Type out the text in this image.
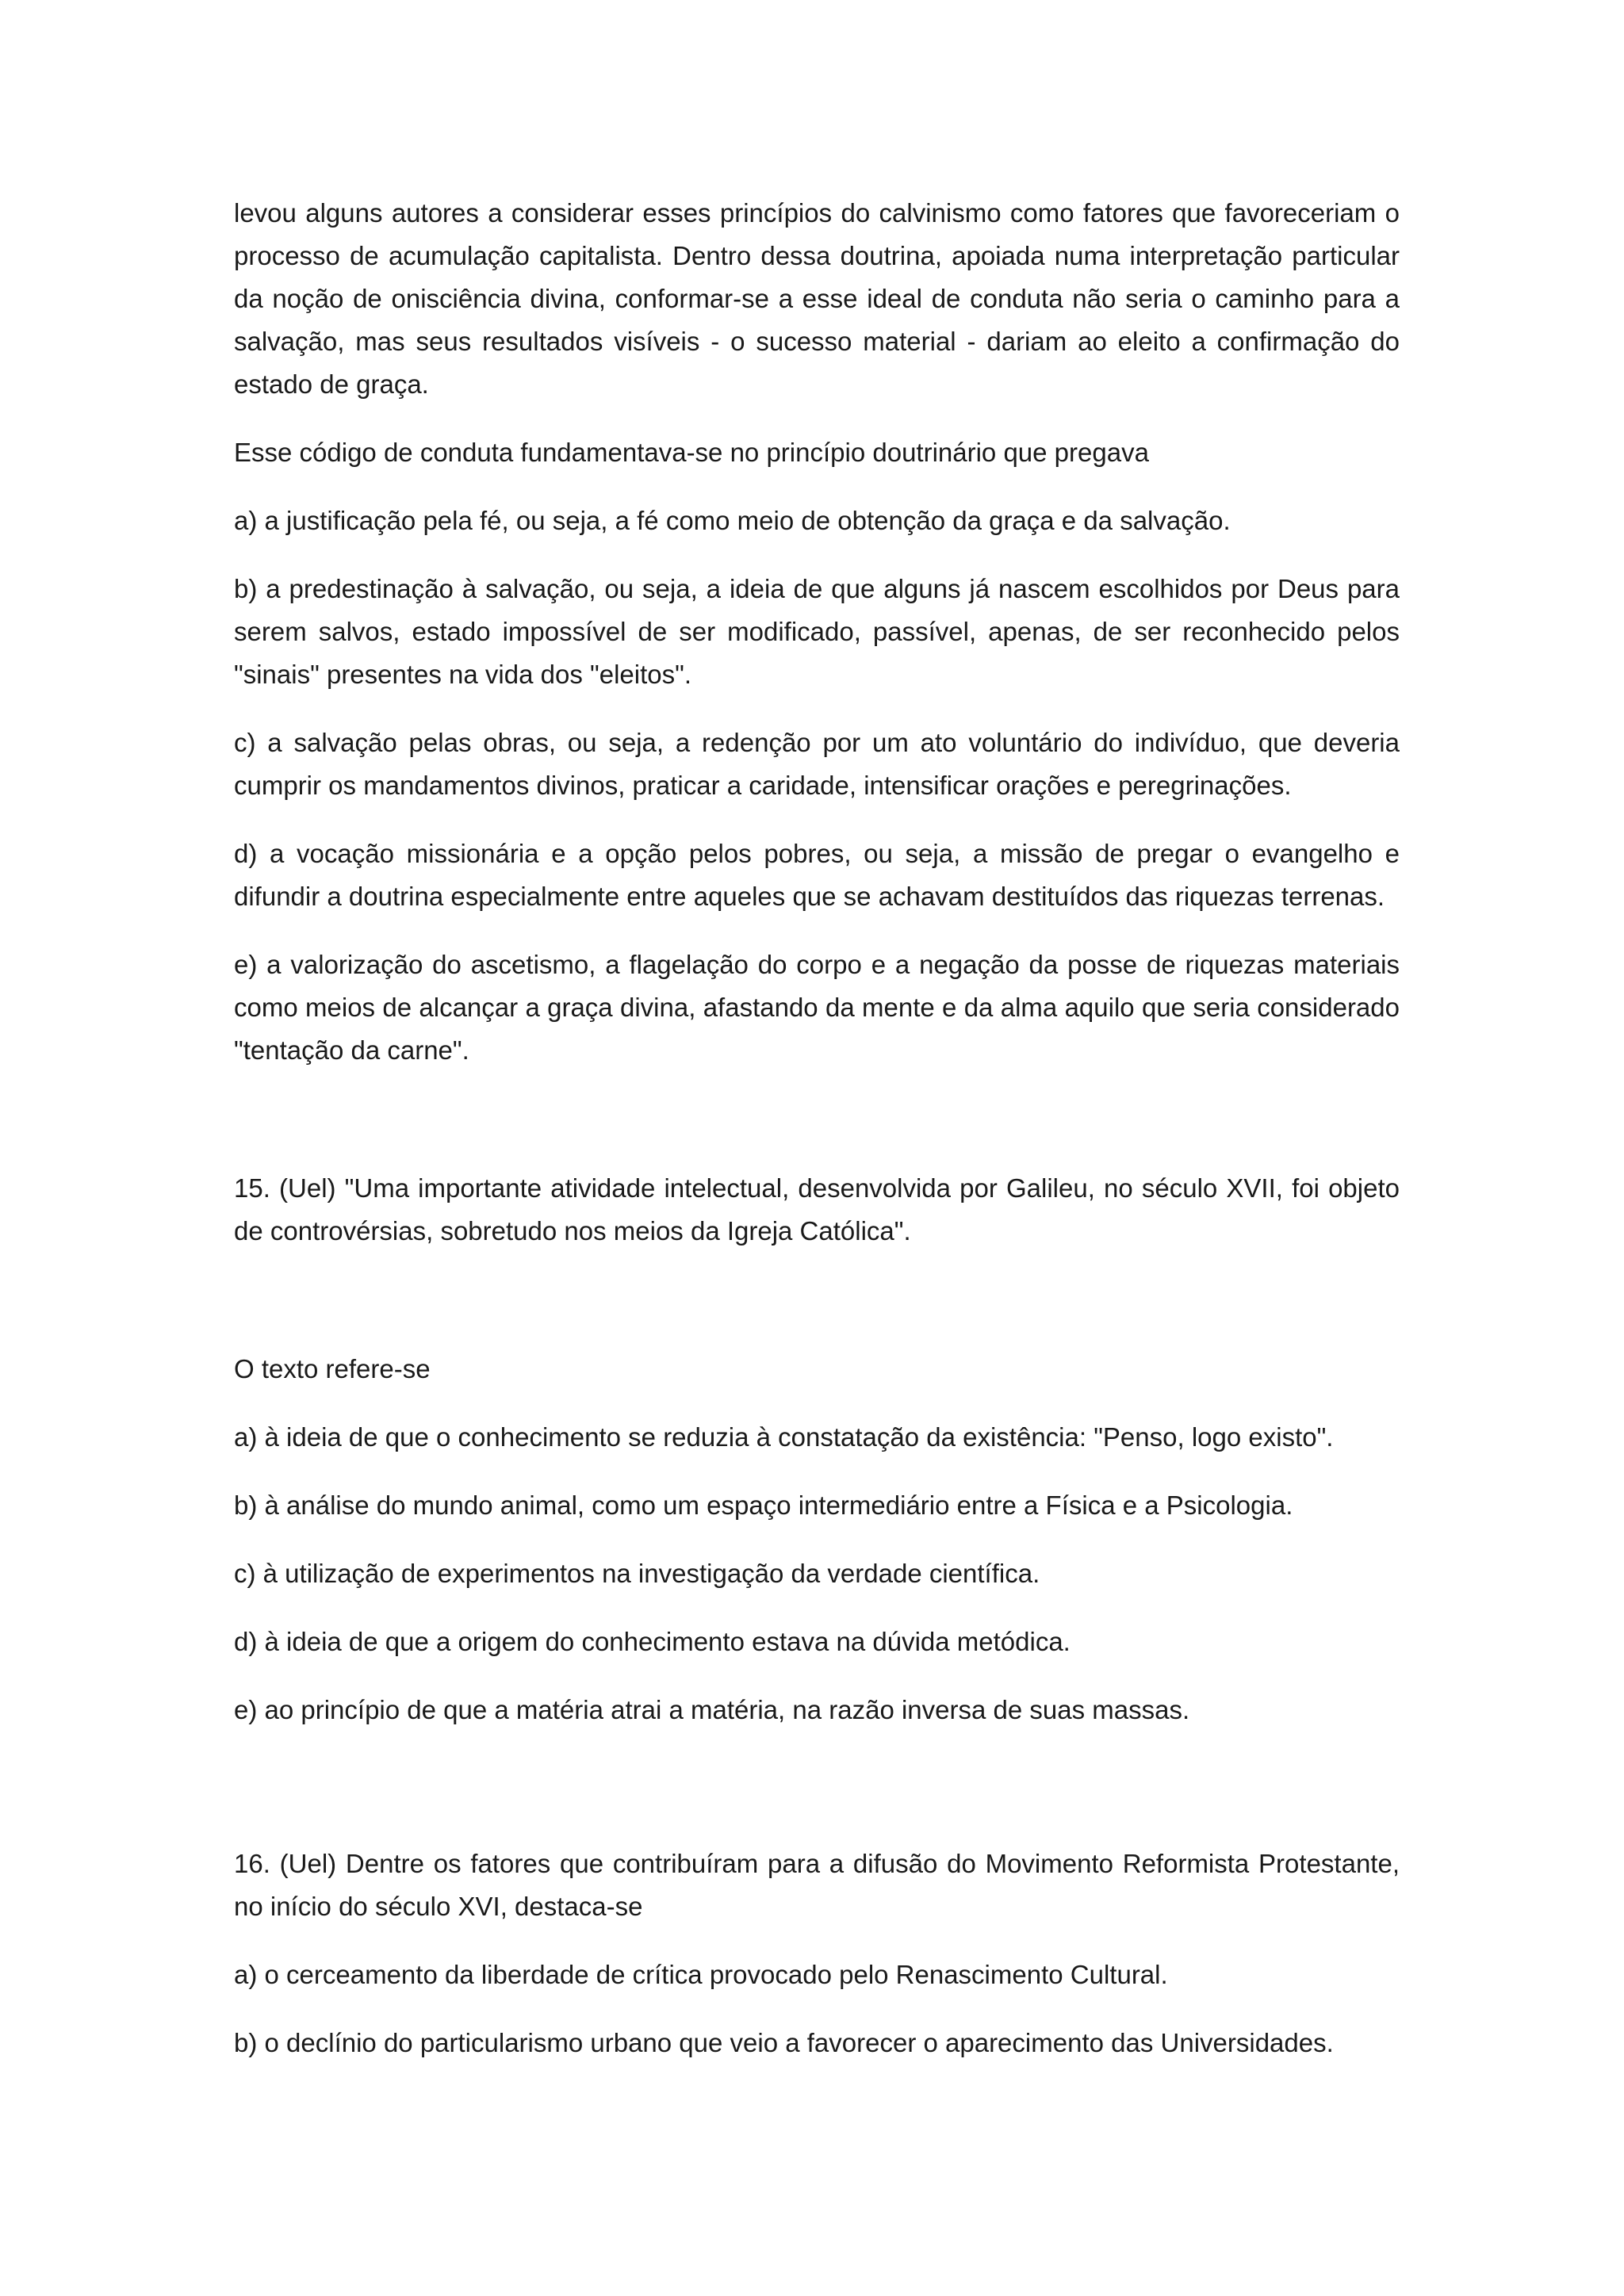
levou alguns autores a considerar esses princípios do calvinismo como fatores que favoreceriam o processo de acumulação capitalista. Dentro dessa doutrina, apoiada numa interpretação particular da noção de onisciência divina, conformar-se a esse ideal de conduta não seria o caminho para a salvação, mas seus resultados visíveis - o sucesso material - dariam ao eleito a confirmação do estado de graça.

Esse código de conduta fundamentava-se no princípio doutrinário que pregava

a) a justificação pela fé, ou seja, a fé como meio de obtenção da graça e da salvação.

b) a predestinação à salvação, ou seja, a ideia de que alguns já nascem escolhidos por Deus para serem salvos, estado impossível de ser modificado, passível, apenas, de ser reconhecido pelos "sinais" presentes na vida dos "eleitos".

c) a salvação pelas obras, ou seja, a redenção por um ato voluntário do indivíduo, que deveria cumprir os mandamentos divinos, praticar a caridade, intensificar orações e peregrinações.

d) a vocação missionária e a opção pelos pobres, ou seja, a missão de pregar o evangelho e difundir a doutrina especialmente entre aqueles que se achavam destituídos das riquezas terrenas.

e) a valorização do ascetismo, a flagelação do corpo e a negação da posse de riquezas materiais como meios de alcançar a graça divina, afastando da mente e da alma aquilo que seria considerado "tentação da carne".

15. (Uel) "Uma importante atividade intelectual, desenvolvida por Galileu, no século XVII, foi objeto de controvérsias, sobretudo nos meios da Igreja Católica".

O texto refere-se

a) à ideia de que o conhecimento se reduzia à constatação da existência: "Penso, logo existo".

b) à análise do mundo animal, como um espaço intermediário entre a Física e a Psicologia.

c) à utilização de experimentos na investigação da verdade científica.

d) à ideia de que a origem do conhecimento estava na dúvida metódica.

e) ao princípio de que a matéria atrai a matéria, na razão inversa de suas massas.

16. (Uel) Dentre os fatores que contribuíram para a difusão do Movimento Reformista Protestante, no início do século XVI, destaca-se

a) o cerceamento da liberdade de crítica provocado pelo Renascimento Cultural.

b) o declínio do particularismo urbano que veio a favorecer o aparecimento das Universidades.
